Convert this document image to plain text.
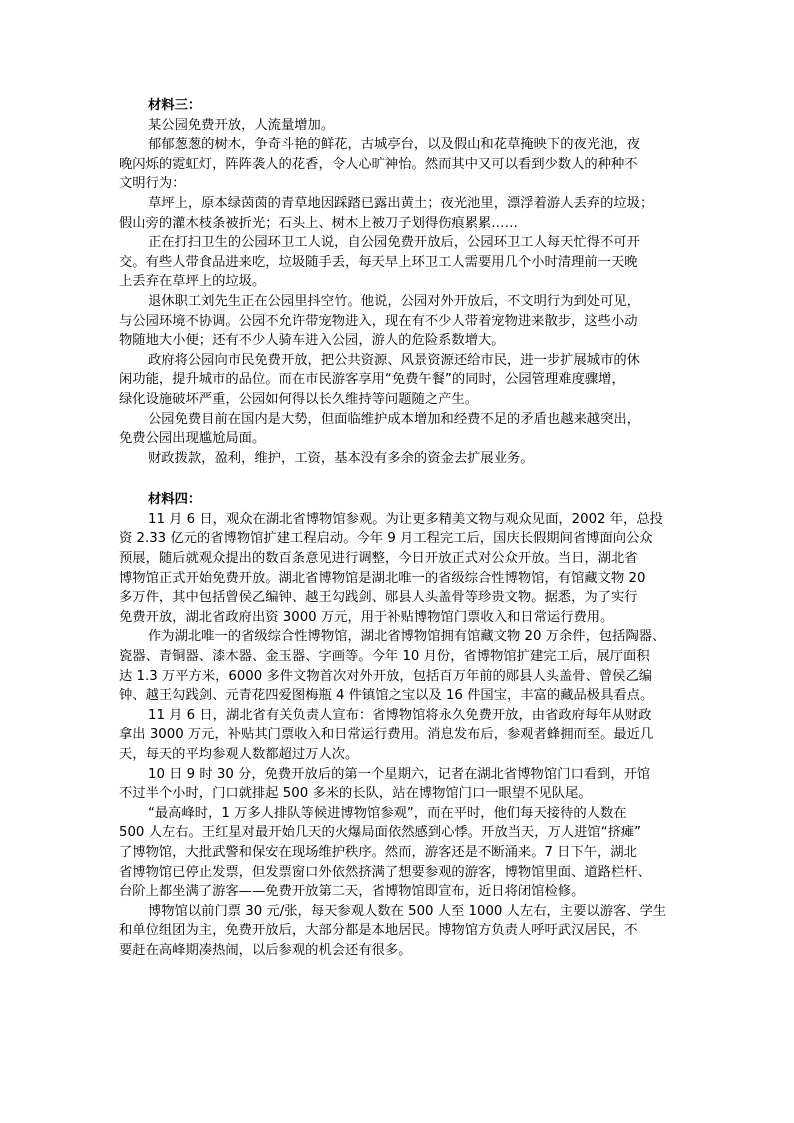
材料三：
某公园免费开放，人流量增加。
郁郁葱葱的树木，争奇斗艳的鲜花，古城亭台，以及假山和花草掩映下的夜光池，夜
晚闪烁的霓虹灯，阵阵袭人的花香，令人心旷神怡。然而其中又可以看到少数人的种种不
文明行为：
草坪上，原本绿茵茵的青草地因踩踏已露出黄土；夜光池里，漂浮着游人丢弃的垃圾；
假山旁的灌木枝条被折光；石头上、树木上被刀子划得伤痕累累……
正在打扫卫生的公园环卫工人说，自公园免费开放后，公园环卫工人每天忙得不可开
交。有些人带食品进来吃，垃圾随手丢，每天早上环卫工人需要用几个小时清理前一天晚
上丢弃在草坪上的垃圾。
退休职工刘先生正在公园里抖空竹。他说，公园对外开放后，不文明行为到处可见，
与公园环境不协调。公园不允许带宠物进入，现在有不少人带着宠物进来散步，这些小动
物随地大小便；还有不少人骑车进入公园，游人的危险系数增大。
政府将公园向市民免费开放，把公共资源、风景资源还给市民，进一步扩展城市的休
闲功能，提升城市的品位。而在市民游客享用“免费午餐”的同时，公园管理难度骤增，
绿化设施破坏严重，公园如何得以长久维持等问题随之产生。
公园免费目前在国内是大势，但面临维护成本增加和经费不足的矛盾也越来越突出，
免费公园出现尴尬局面。
财政拨款，盈利，维护，工资，基本没有多余的资金去扩展业务。
材料四：
11 月 6 日，观众在湖北省博物馆参观。为让更多精美文物与观众见面，2002 年，总投
资 2.33 亿元的省博物馆扩建工程启动。今年 9 月工程完工后，国庆长假期间省博面向公众
预展，随后就观众提出的数百条意见进行调整，今日开放正式对公众开放。当日，湖北省
博物馆正式开始免费开放。湖北省博物馆是湖北唯一的省级综合性博物馆，有馆藏文物 20
多万件，其中包括曾侯乙编钟、越王勾践剑、郧县人头盖骨等珍贵文物。据悉，为了实行
免费开放，湖北省政府出资 3000 万元，用于补贴博物馆门票收入和日常运行费用。
作为湖北唯一的省级综合性博物馆，湖北省博物馆拥有馆藏文物 20 万余件，包括陶器、
瓷器、青铜器、漆木器、金玉器、字画等。今年 10 月份，省博物馆扩建完工后，展厅面积
达 1.3 万平方米，6000 多件文物首次对外开放，包括百万年前的郧县人头盖骨、曾侯乙编
钟、越王勾践剑、元青花四爱图梅瓶 4 件镇馆之宝以及 16 件国宝，丰富的藏品极具看点。
11 月 6 日，湖北省有关负责人宣布：省博物馆将永久免费开放，由省政府每年从财政
拿出 3000 万元，补贴其门票收入和日常运行费用。消息发布后，参观者蜂拥而至。最近几
天，每天的平均参观人数都超过万人次。
10 日 9 时 30 分，免费开放后的第一个星期六，记者在湖北省博物馆门口看到，开馆
不过半个小时，门口就排起 500 多米的长队，站在博物馆门口一眼望不见队尾。
“最高峰时，1 万多人排队等候进博物馆参观”，而在平时，他们每天接待的人数在
500 人左右。王红星对最开始几天的火爆局面依然感到心悸。开放当天，万人进馆“挤瘫”
了博物馆，大批武警和保安在现场维护秩序。然而，游客还是不断涌来。7 日下午，湖北
省博物馆已停止发票，但发票窗口外依然挤满了想要参观的游客，博物馆里面、道路栏杆、
台阶上都坐满了游客——免费开放第二天，省博物馆即宣布，近日将闭馆检修。
博物馆以前门票 30 元/张，每天参观人数在 500 人至 1000 人左右，主要以游客、学生
和单位组团为主，免费开放后，大部分都是本地居民。博物馆方负责人呼吁武汉居民，不
要赶在高峰期凑热闹，以后参观的机会还有很多。
